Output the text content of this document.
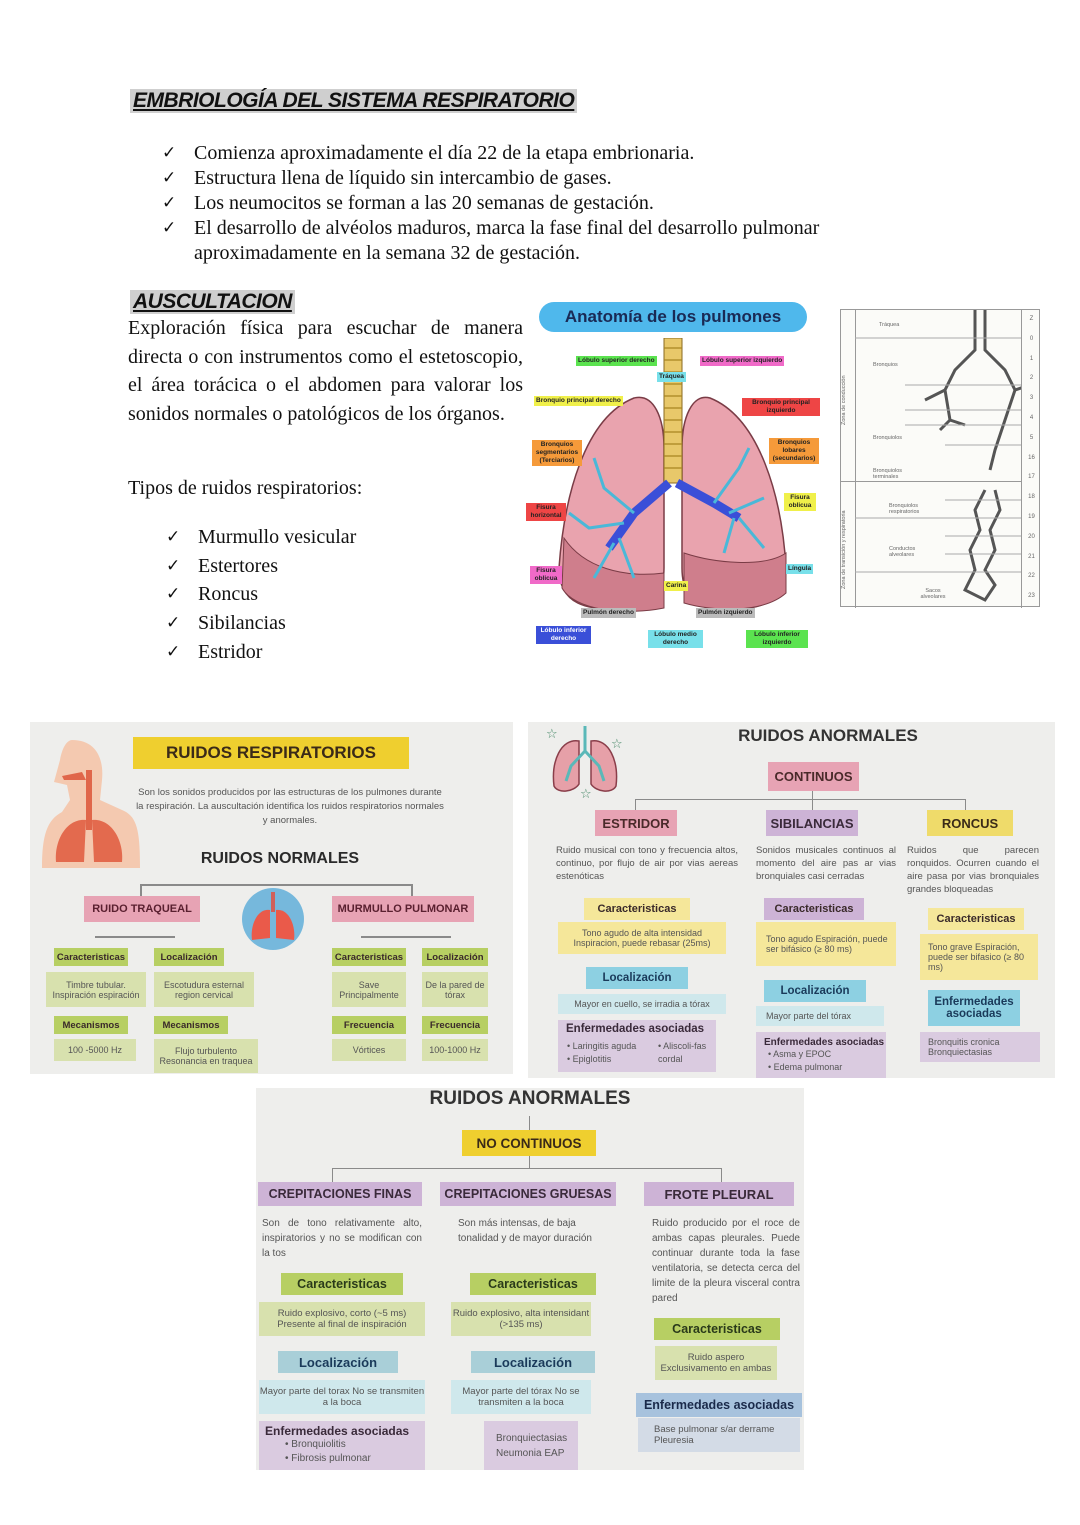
EMBRIOLOGÍA DEL SISTEMA RESPIRATORIO
✓ Comienza aproximadamente el día 22 de la etapa embrionaria.
✓ Estructura llena de líquido sin intercambio de gases.
✓ Los neumocitos se forman a las 20 semanas de gestación.
✓ El desarrollo de alvéolos maduros, marca la fase final del desarrollo pulmonar aproximadamente en la semana 32 de gestación.
AUSCULTACION
Exploración física para escuchar de manera directa o con instrumentos como el estetoscopio, el área torácica o el abdomen para valorar los sonidos normales o patológicos de los órganos.
Tipos de ruidos respiratorios:
✓ Murmullo vesicular
✓ Estertores
✓ Roncus
✓ Sibilancias
✓ Estridor
Anatomía de los pulmones
Lóbulo superior derecho
Tráquea
Lóbulo superior izquierdo
Bronquio principal derecho	Bronquio principal izquierdo
Bronquios segmentarios (Terciarios)
Bronquios lobares (secundarios)
Fisura horizontal
Fisura oblicua
Fisura oblicua
Língula
Carina
Pulmón derecho	Pulmón izquierdo
Lóbulo inferior derecho
Lóbulo medio derecho
Lóbulo inferior izquierdo
Zona de conducción
Zona de transición y respiratoria
Tráquea
Bronquios
Bronquiolos
Bronquiolos terminales
Bronquiolos respiratorios
Conductos alveolares
Sacos alveolares
Z
0
1
2
3
4
5
16
17
18
19
20
21
22
23
RUIDOS RESPIRATORIOS
Son los sonidos producidos por las estructuras de los pulmones durante la respiración. La auscultación identifica los ruidos respiratorios normales y anormales.
RUIDOS NORMALES
RUIDO TRAQUEAL	MURMULLO PULMONAR
Caracteristicas	Localización
Timbre tubular. Inspiración espiración
Escotudura esternal region cervical
Mecanismos	Mecanismos
100 -5000 Hz	Flujo turbulento Resonancia en traquea
Caracteristicas	Localización
Save Principalmente
De la pared de tórax
Frecuencia	Frecuencia
Vórtices	100-1000 Hz
☆
☆
☆
RUIDOS ANORMALES
CONTINUOS
ESTRIDOR
Ruido musical con tono y frecuencia altos, continuo, por flujo de air por vias aereas estenóticas
Caracteristicas
Tono agudo de alta intensidad Inspiracion, puede rebasar (25ms)
Localización
Mayor en cuello, se irradia a tórax
Enfermedades asociadas
• Laringitis aguda
• Epiglotitis
• Aliscoli-fas cordal
SIBILANCIAS
Sonidos musicales continuos al momento del aire pas ar vias bronquiales casi cerradas
Caracteristicas
Tono agudo Espiración, puede ser bifásico (≥ 80 ms)
Localización
Mayor parte del tórax
Enfermedades asociadas
• Asma y EPOC
• Edema pulmonar
RONCUS
Ruidos que parecen ronquidos. Ocurren cuando el aire pasa por vias bronquiales grandes bloqueadas
Caracteristicas
Tono grave Espiración, puede ser bifasico (≥ 80 ms)
Enfermedades asociadas
Bronquitis cronica Bronquiectasias
RUIDOS ANORMALES
NO CONTINUOS
CREPITACIONES FINAS
Son de tono relativamente alto, inspiratorios y no se modifican con la tos
Caracteristicas
Ruido explosivo, corto (~5 ms) Presente al final de inspiración
Localización
Mayor parte del torax No se transmiten a la boca
Enfermedades asociadas
• Bronquiolitis
• Fibrosis pulmonar
CREPITACIONES GRUESAS
Son más intensas, de baja tonalidad y de mayor duración
Caracteristicas
Ruido explosivo, alta intensidant (>135 ms)
Localización
Mayor parte del tórax No se transmiten a la boca
Bronquiectasias Neumonia EAP
FROTE PLEURAL
Ruido producido por el roce de ambas capas pleurales. Puede continuar durante toda la fase ventilatoria, se detecta cerca del limite de la pleura visceral contra pared
Caracteristicas
Ruido aspero Exclusivamento en ambas
Enfermedades asociadas
Base pulmonar s/ar derrame Pleuresia
